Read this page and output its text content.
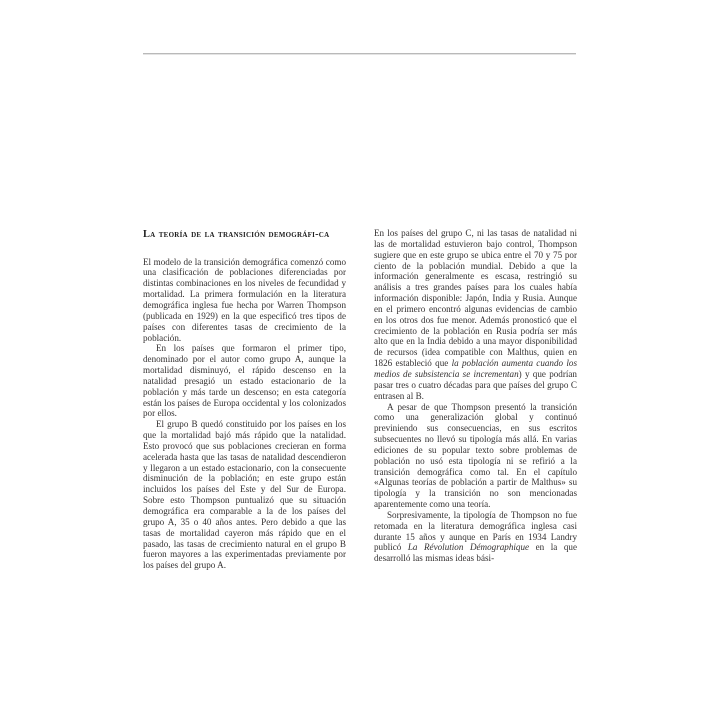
La teoría de la transición demográfi-ca

El modelo de la transición demográfica comenzó como una clasificación de poblaciones diferenciadas por distintas combinaciones en los niveles de fecundidad y mortalidad. La primera formulación en la literatura demográfica inglesa fue hecha por Warren Thompson (publicada en 1929) en la que especificó tres tipos de países con diferentes tasas de crecimiento de la población.

En los países que formaron el primer tipo, denominado por el autor como grupo A, aunque la mortalidad disminuyó, el rápido descenso en la natalidad presagió un estado estacionario de la población y más tarde un descenso; en esta categoría están los países de Europa occidental y los colonizados por ellos.

El grupo B quedó constituido por los países en los que la mortalidad bajó más rápido que la natalidad. Esto provocó que sus poblaciones crecieran en forma acelerada hasta que las tasas de natalidad descendieron y llegaron a un estado estacionario, con la consecuente disminución de la población; en este grupo están incluidos los países del Este y del Sur de Europa. Sobre esto Thompson puntualizó que su situación demográfica era comparable a la de los países del grupo A, 35 o 40 años antes. Pero debido a que las tasas de mortalidad cayeron más rápido que en el pasado, las tasas de crecimiento natural en el grupo B fueron mayores a las experimentadas previamente por los países del grupo A.

En los países del grupo C, ni las tasas de natalidad ni las de mortalidad estuvieron bajo control, Thompson sugiere que en este grupo se ubica entre el 70 y 75 por ciento de la población mundial. Debido a que la información generalmente es escasa, restringió su análisis a tres grandes países para los cuales había información disponible: Japón, India y Rusia. Aunque en el primero encontró algunas evidencias de cambio en los otros dos fue menor. Además pronosticó que el crecimiento de la población en Rusia podría ser más alto que en la India debido a una mayor disponibilidad de recursos (idea compatible con Malthus, quien en 1826 estableció que la población aumenta cuando los medios de subsistencia se incrementan) y que podrían pasar tres o cuatro décadas para que países del grupo C entrasen al B.

A pesar de que Thompson presentó la transición como una generalización global y continuó previniendo sus consecuencias, en sus escritos subsecuentes no llevó su tipología más allá. En varias ediciones de su popular texto sobre problemas de población no usó esta tipología ni se refirió a la transición demográfica como tal. En el capítulo «Algunas teorías de población a partir de Malthus» su tipología y la transición no son mencionadas aparentemente como una teoría.

Sorpresivamente, la tipología de Thompson no fue retomada en la literatura demográfica inglesa casi durante 15 años y aunque en París en 1934 Landry publicó La Révolution Démographique en la que desarrolló las mismas ideas bási-
